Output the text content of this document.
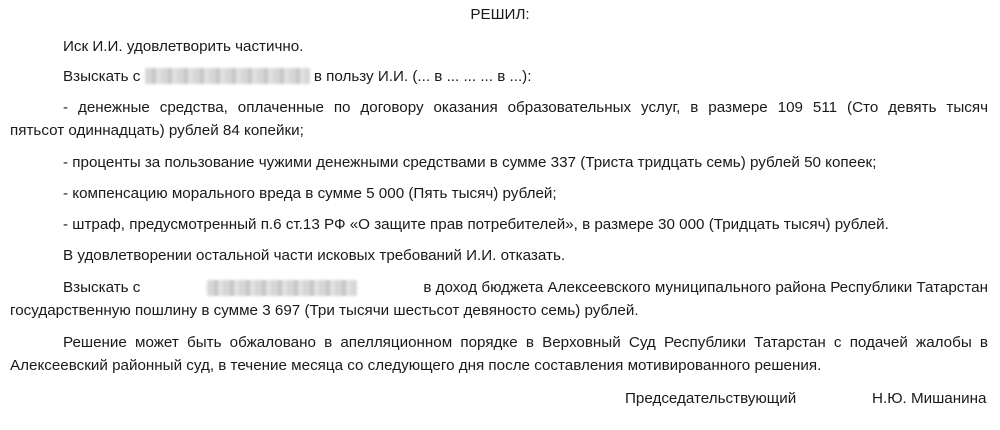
РЕШИЛ:
Иск И.И. удовлетворить частично.
Взыскать с	в пользу И.И. (... в ... ... ... в ...):
- денежные средства, оплаченные по договору оказания образовательных услуг, в размере 109 511 (Сто девять тысяч
пятьсот одиннадцать) рублей 84 копейки;
- проценты за пользование чужими денежными средствами в сумме 337 (Триста тридцать семь) рублей 50 копеек;
- компенсацию морального вреда в сумме 5 000 (Пять тысяч) рублей;
- штраф, предусмотренный п.6 ст.13 РФ «О защите прав потребителей», в размере 30 000 (Тридцать тысяч) рублей.
В удовлетворении остальной части исковых требований И.И. отказать.
Взыскать с	в доход бюджета Алексеевского муниципального района Республики Татарстан
государственную пошлину в сумме 3 697 (Три тысячи шестьсот девяносто семь) рублей.
Решение может быть обжаловано в апелляционном порядке в Верховный Суд Республики Татарстан с подачей жалобы в
Алексеевский районный суд, в течение месяца со следующего дня после составления мотивированного решения.
Председательствующий	Н.Ю. Мишанина
